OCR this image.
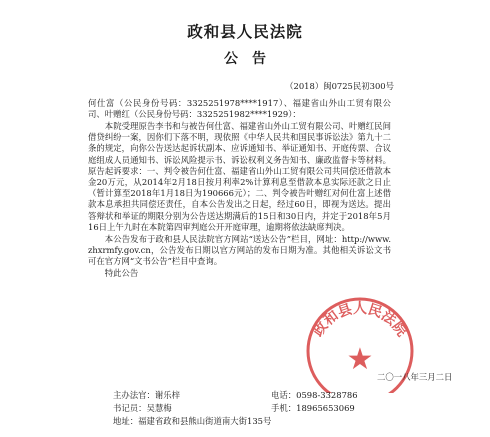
政和县人民法院
公告
（2018）闽0725民初300号

何仕富（公民身份号码：3325251978****1917）、福建省山外山工贸有限公司、叶赠红（公民身份号码：3325251982****1929）：

本院受理原告李书和与被告何仕富、福建省山外山工贸有限公司、叶赠红民间借贷纠纷一案，因你们下落不明，现依照《中华人民共和国民事诉讼法》第九十二条的规定，向你公告送达起诉状副本、应诉通知书、举证通知书、开庭传票、合议庭组成人员通知书、诉讼风险提示书、诉讼权利义务告知书、廉政监督卡等材料。原告起诉要求：一、判令被告何仕富、福建省山外山工贸有限公司共同偿还借款本金20万元，从2014年2月18日按月利率2%计算利息至借款本息实际还款之日止（暂计算至2018年1月18日为190666元）；二、判令被告叶赠红对何仕富上述借款本息承担共同偿还责任，自本公告发出之日起，经过60日，即视为送达。提出答辩状和举证的期限分别为公告送达期满后的15日和30日内，并定于2018年5月16日上午九时在本院第四审判庭公开开庭审理，逾期将依法缺席判决。

本公告发布于政和县人民法院官方网站“送达公告”栏目，网址：http://www.zhxrmfy.gov.cn，公告发布日期以官方网站的发布日期为准。其他相关诉讼文书可在官方网“文书公告”栏目中查询。

特此公告

政和县人民法院
★ 二〇一八年三月二日
主办法官：谢乐梓	电话：0598-3328786
书记员：吴慧梅	手机：18965653069
地址：福建省政和县熊山街道南大街135号
